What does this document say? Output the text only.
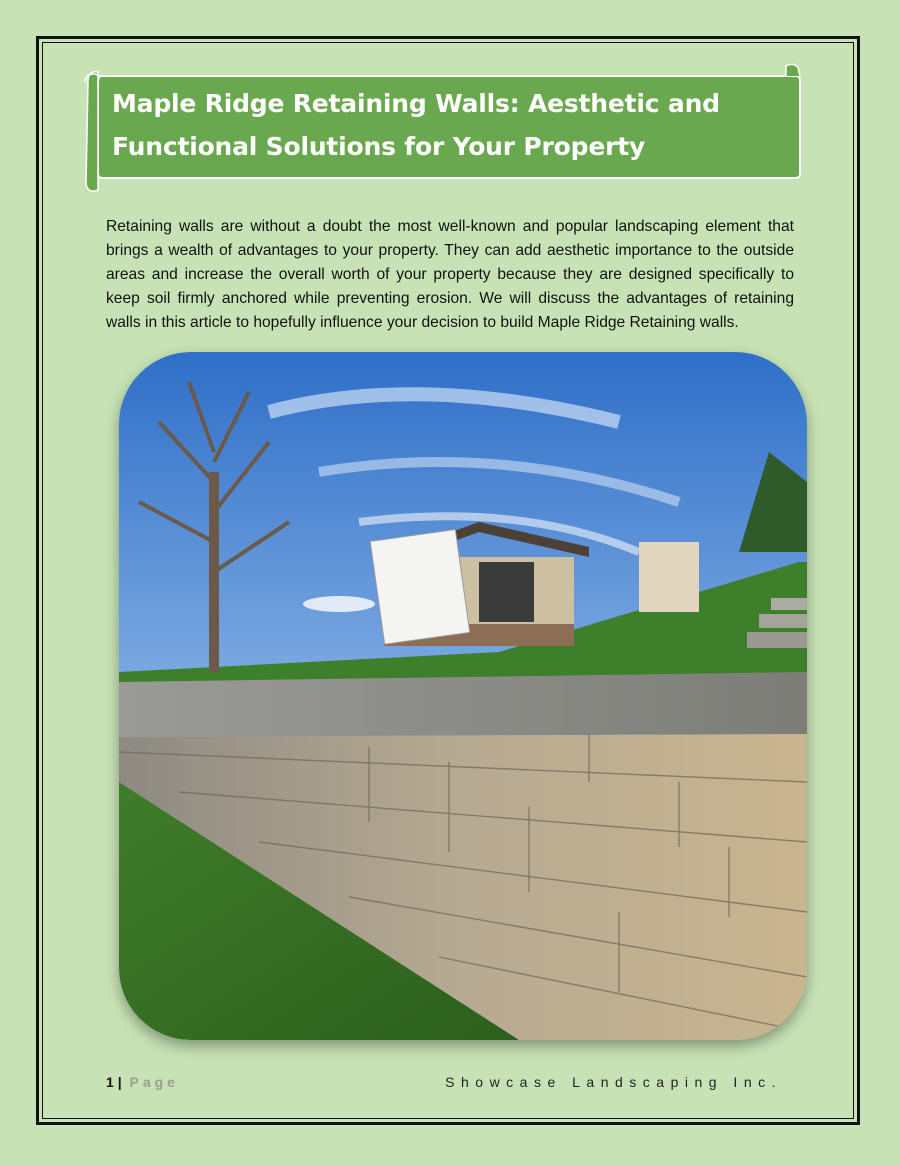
Maple Ridge Retaining Walls: Aesthetic and Functional Solutions for Your Property

Retaining walls are without a doubt the most well-known and popular landscaping element that brings a wealth of advantages to your property. They can add aesthetic importance to the outside areas and increase the overall worth of your property because they are designed specifically to keep soil firmly anchored while preventing erosion. We will discuss the advantages of retaining walls in this article to hopefully influence your decision to build Maple Ridge Retaining walls.

1 | Page	Showcase Landscaping Inc.
